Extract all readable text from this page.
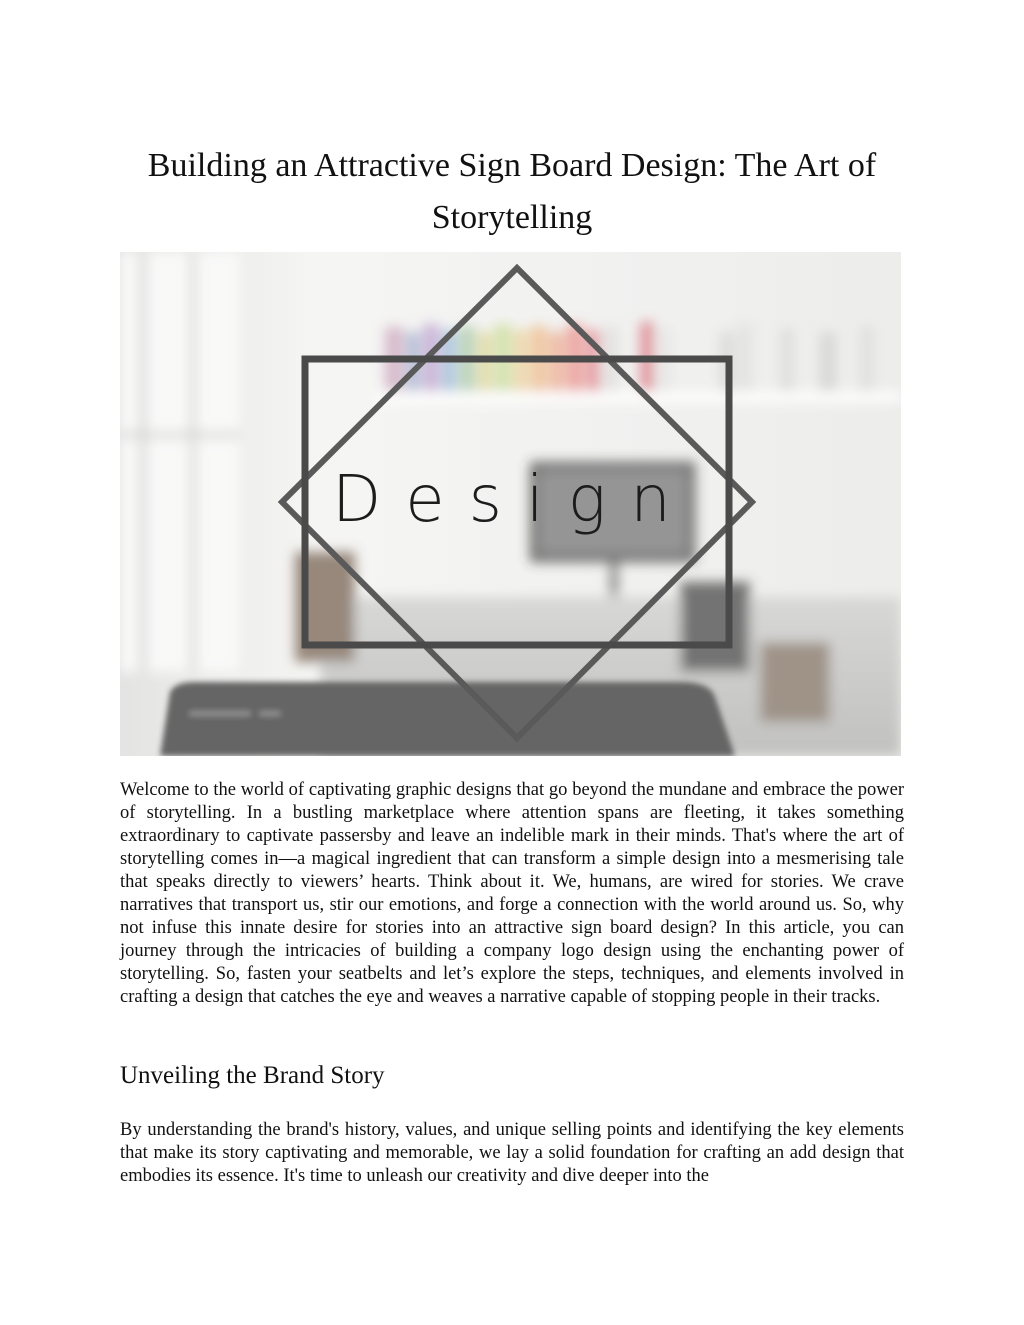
Building an Attractive Sign Board Design: The Art of Storytelling
Design

Welcome to the world of captivating graphic designs that go beyond the mundane and embrace the power of storytelling. In a bustling marketplace where attention spans are fleeting, it takes something extraordinary to captivate passersby and leave an indelible mark in their minds. That's where the art of storytelling comes in—a magical ingredient that can transform a simple design into a mesmerising tale that speaks directly to viewers’ hearts. Think about it. We, humans, are wired for stories. We crave narratives that transport us, stir our emotions, and forge a connection with the world around us. So, why not infuse this innate desire for stories into an attractive sign board design? In this article, you can journey through the intricacies of building a company logo design using the enchanting power of storytelling. So, fasten your seatbelts and let’s explore the steps, techniques, and elements involved in crafting a design that catches the eye and weaves a narrative capable of stopping people in their tracks.

Unveiling the Brand Story

By understanding the brand's history, values, and unique selling points and identifying the key elements that make its story captivating and memorable, we lay a solid foundation for crafting an add design that embodies its essence. It's time to unleash our creativity and dive deeper into the
